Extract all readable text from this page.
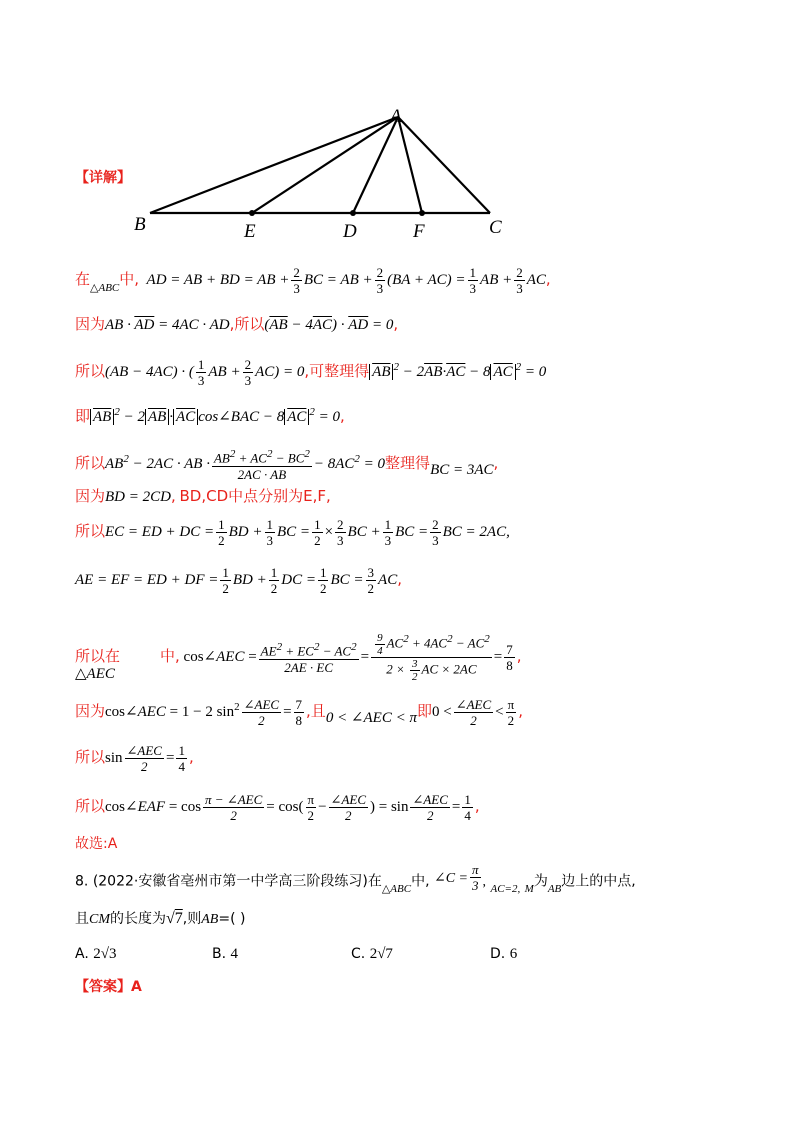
A
B	E	D	F	C
【详解】
在$_{\triangle ABC}$中,  AD = AB + BD = AB + $\frac{2}{3}$ BC = AB + $\frac{2}{3} (BA + AC) = \frac{1}{3}$ AB + $\frac{2}{3}$ AC,
因为AB · $\overline{AD} = 4AC$ · AD,所以$(\overline{AB} - 4\overline{AC}) \cdot \overline{AD} = 0$,
所以(AB − 4AC) · ( $\frac{1}{3}$ AB + $\frac{2}{3} AC) = 0$,可整理得 $\overline{AB}$ $^2 - 2\overline{AB}\cdot\overline{AC} - 8$ $\overline{AC}$ $^2$ = 0
即 $\overline{AB}$ $^2$ − 2 $\overline{AB} \cdot \overline{AC}$ cos∠BAC − 8 $\overline{AC}$ $^2$ = 0,
所以$AB^2 - 2AC$ · AB · $\frac{AB^2 + AC^2 - BC^2}{2AC \cdot AB} - 8AC^2 = 0$整理得BC = 3AC,
因为BD = 2CD, BD,CD中点分别为E,F,
所以EC = ED + DC = $\frac{1}{2}$ BD + $\frac{1}{3}$ BC = $\frac{1}{2} \times \frac{2}{3}$ BC + $\frac{1}{3}$ BC = $\frac{2}{3}$ BC = 2AC,
AE = EF = ED + DF = $\frac{1}{2}$ BD + $\frac{1}{2}$ DC = $\frac{1}{2}$ BC = $\frac{3}{2}$ AC,
所以在	中, cos∠AEC = $\frac{AE^2 + EC^2 - AC^2}{2AE \cdot EC} = \frac{\frac{9}{4} AC^2 + 4AC^2 - AC^2}{2 \times \frac{3}{2} AC \times 2AC} = \frac{7}{8}$ ,
△AEC
因为cos∠AEC = 1 − 2 $\sin^2 \frac{\text{∠AEC}}{2} = \frac{7}{8}$ ,且0 < ∠AEC < π即$0 < \frac{\text{∠AEC}}{2} < \frac{\pi}{2}$ ,
所以$\sin \frac{\text{∠AEC}}{2} = \frac{1}{4}$ ,
所以cos∠EAF = $\cos \frac{\text{π − ∠AEC}}{2} = \cos( \frac{\pi}{2} - \frac{\text{∠AEC}}{2}$ ) = $\sin \frac{\text{∠AEC}}{2} = \frac{1}{4}$ ,
故选:A
8. (2022·安徽省亳州市第一中学高三阶段练习)在$_{\triangle ABC}$中, ∠C = $\frac{\pi}{3}$ , $_{AC=2,}$ $_M$为$_{AB}$边上的中点,
且CM的长度为√7,则AB=( )
A. 2√3	B. 4	C. 2√7	D. 6
【答案】A
